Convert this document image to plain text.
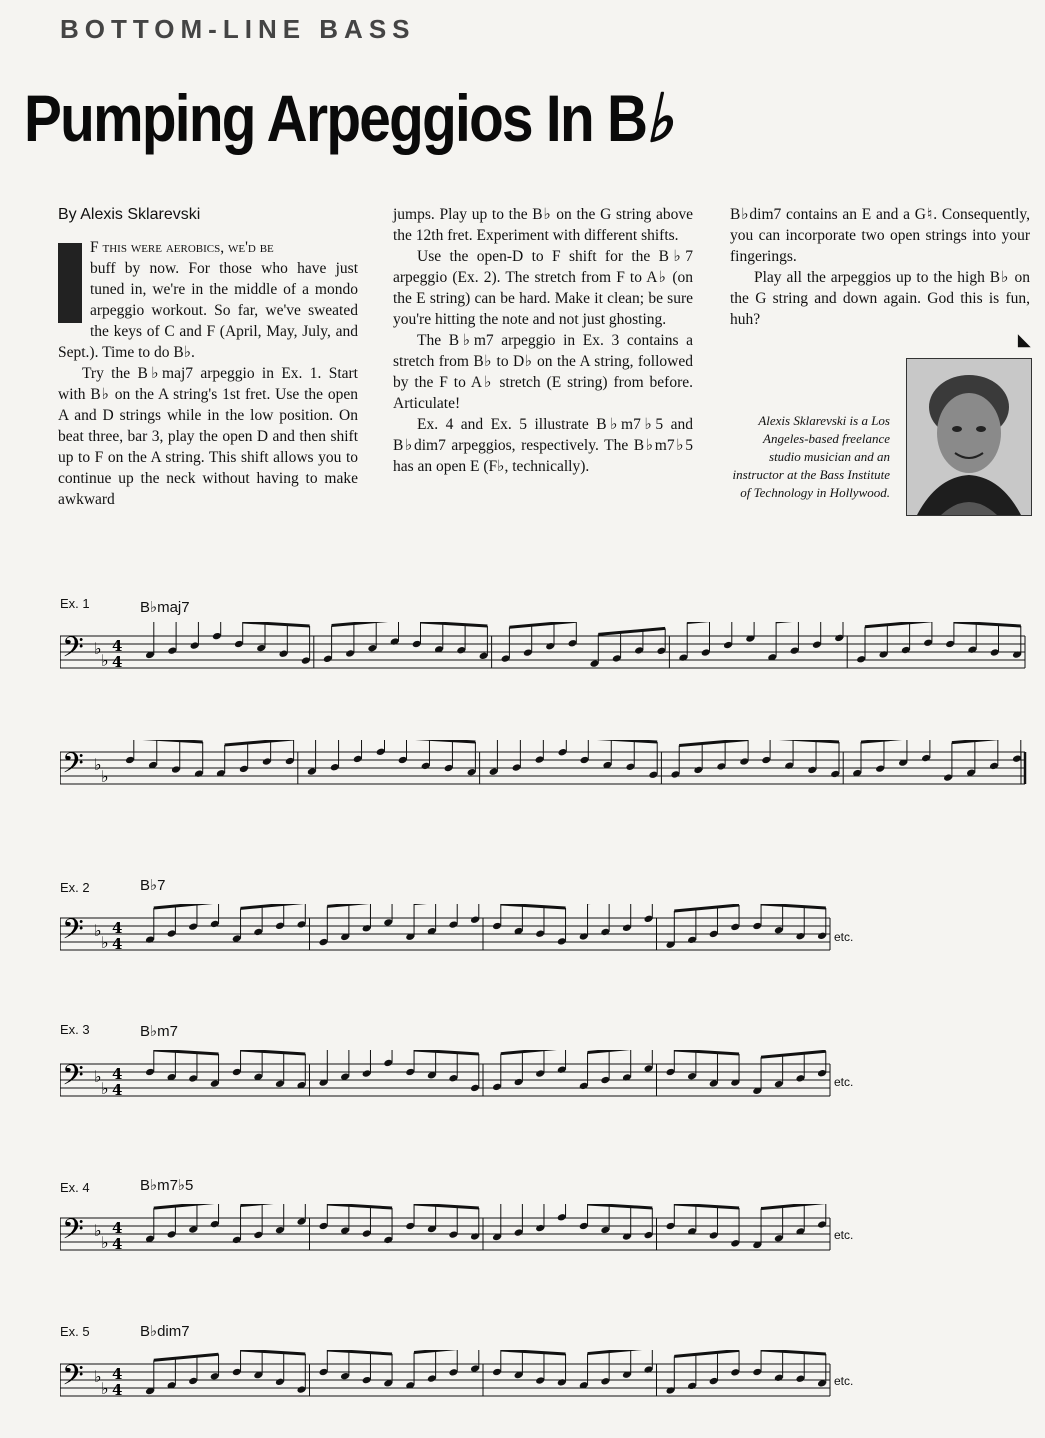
BOTTOM-LINE BASS
Pumping Arpeggios In B♭

By Alexis Sklarevski

F this were aerobics, we'd be

buff by now. For those who have just tuned in, we're in the middle of a mondo arpeggio workout. So far, we've sweated the keys of C and F (April, May, July, and Sept.). Time to do B♭.

Try the B♭maj7 arpeggio in Ex. 1. Start with B♭ on the A string's 1st fret. Use the open A and D strings while in the low position. On beat three, bar 3, play the open D and then shift up to F on the A string. This shift allows you to continue up the neck without having to make awkward

jumps. Play up to the B♭ on the G string above the 12th fret. Experiment with different shifts.

Use the open-D to F shift for the B♭7 arpeggio (Ex. 2). The stretch from F to A♭ (on the E string) can be hard. Make it clean; be sure you're hitting the note and not just ghosting.

The B♭m7 arpeggio in Ex. 3 contains a stretch from B♭ to D♭ on the A string, followed by the F to A♭ stretch (E string) from before. Articulate!

Ex. 4 and Ex. 5 illustrate B♭m7♭5 and B♭dim7 arpeggios, respectively. The B♭m7♭5 has an open E (F♭, technically).

B♭dim7 contains an E and a G♮. Consequently, you can incorporate two open strings into your fingerings.

Play all the arpeggios up to the high B♭ on the G string and down again. God this is fun, huh?

◣
Alexis Sklarevski is a Los Angeles-based freelance studio musician and an instructor at the Bass Institute of Technology in Hollywood.
Ex. 1	B♭maj7
Ex. 2	B♭7
etc.
Ex. 3	B♭m7
etc.
Ex. 4	B♭m7♭5
etc.
Ex. 5	B♭dim7
etc.
𝄢 ♭
♭
4
4
𝄢 ♭
♭
𝄢 ♭
♭
4
4
𝄢 ♭
♭
4
4
𝄢 ♭
♭
4
4
𝄢 ♭
♭
4
4
